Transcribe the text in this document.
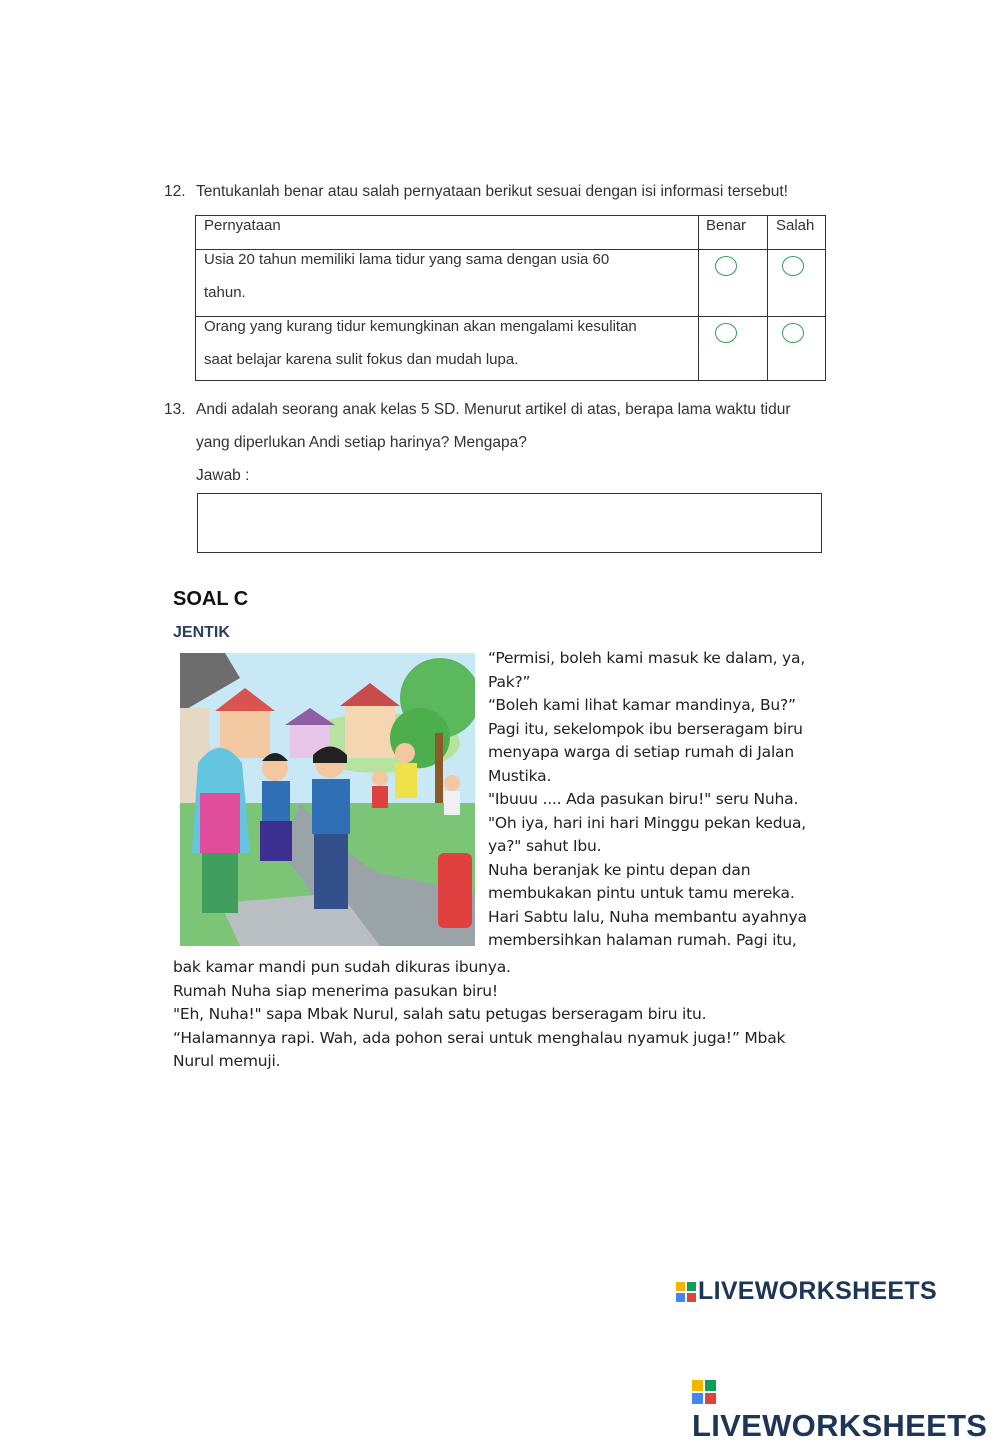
12. Tentukanlah benar atau salah pernyataan berikut sesuai dengan isi informasi tersebut!
Pernyataan	Benar Salah
Usia 20 tahun memiliki lama tidur yang sama dengan usia 60
tahun.
Orang yang kurang tidur kemungkinan akan mengalami kesulitan
saat belajar karena sulit fokus dan mudah lupa.
13. Andi adalah seorang anak kelas 5 SD. Menurut artikel di atas, berapa lama waktu tidur
yang diperlukan Andi setiap harinya? Mengapa?
Jawab :
SOAL C
JENTIK
“Permisi, boleh kami masuk ke dalam, ya,
Pak?”
“Boleh kami lihat kamar mandinya, Bu?”
Pagi itu, sekelompok ibu berseragam biru
menyapa warga di setiap rumah di Jalan
Mustika.
"Ibuuu .... Ada pasukan biru!" seru Nuha.
"Oh iya, hari ini hari Minggu pekan kedua,
ya?" sahut Ibu.
Nuha beranjak ke pintu depan dan
membukakan pintu untuk tamu mereka.
Hari Sabtu lalu, Nuha membantu ayahnya
membersihkan halaman rumah. Pagi itu,
bak kamar mandi pun sudah dikuras ibunya.
Rumah Nuha siap menerima pasukan biru!
"Eh, Nuha!" sapa Mbak Nurul, salah satu petugas berseragam biru itu.
“Halamannya rapi. Wah, ada pohon serai untuk menghalau nyamuk juga!” Mbak
Nurul memuji.
LIVEWORKSHEETS
LIVEWORKSHEETS
